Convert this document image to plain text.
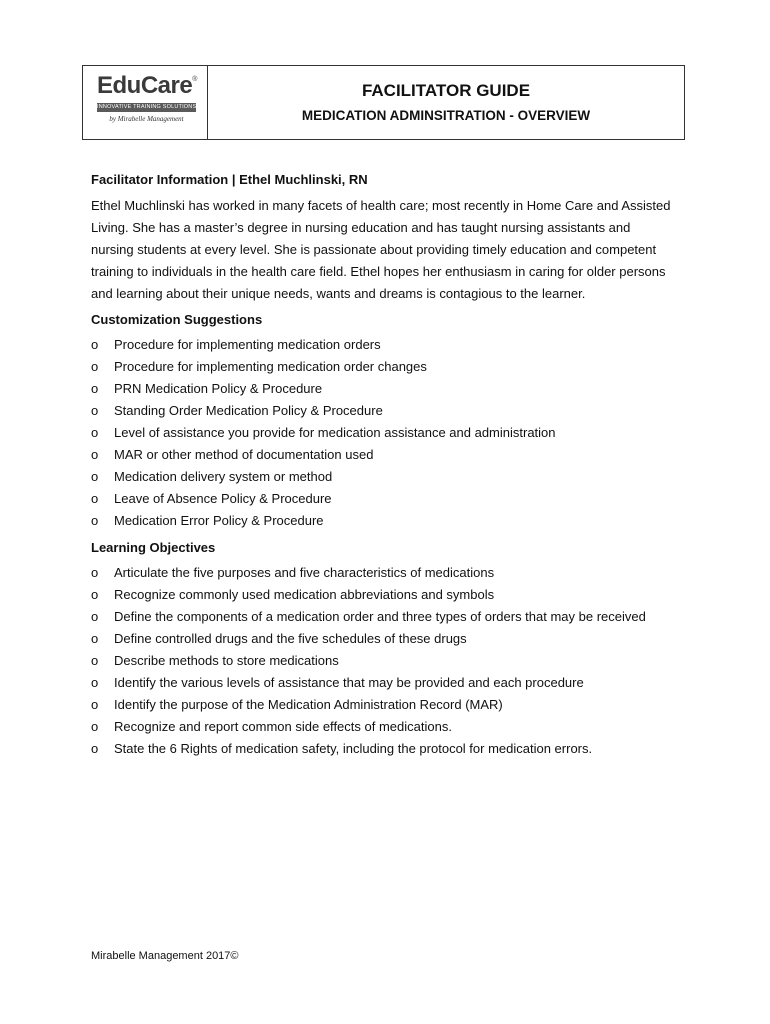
EduCare®
INNOVATIVE TRAINING SOLUTIONS
by Mirabelle Management
FACILITATOR GUIDE
MEDICATION ADMINSITRATION - OVERVIEW

Facilitator Information | Ethel Muchlinski, RN

Ethel Muchlinski has worked in many facets of health care; most recently in Home Care and Assisted Living. She has a master’s degree in nursing education and has taught nursing assistants and nursing students at every level. She is passionate about providing timely education and competent training to individuals in the health care field. Ethel hopes her enthusiasm in caring for older persons and learning about their unique needs, wants and dreams is contagious to the learner.

Customization Suggestions

o Procedure for implementing medication orders
o Procedure for implementing medication order changes
o PRN Medication Policy & Procedure
o Standing Order Medication Policy & Procedure
o Level of assistance you provide for medication assistance and administration
o MAR or other method of documentation used
o Medication delivery system or method
o Leave of Absence Policy & Procedure
o Medication Error Policy & Procedure

Learning Objectives

o Articulate the five purposes and five characteristics of medications
o Recognize commonly used medication abbreviations and symbols
o Define the components of a medication order and three types of orders that may be received
o Define controlled drugs and the five schedules of these drugs
o Describe methods to store medications
o Identify the various levels of assistance that may be provided and each procedure
o Identify the purpose of the Medication Administration Record (MAR)
o Recognize and report common side effects of medications.
o State the 6 Rights of medication safety, including the protocol for medication errors.
Mirabelle Management 2017©
